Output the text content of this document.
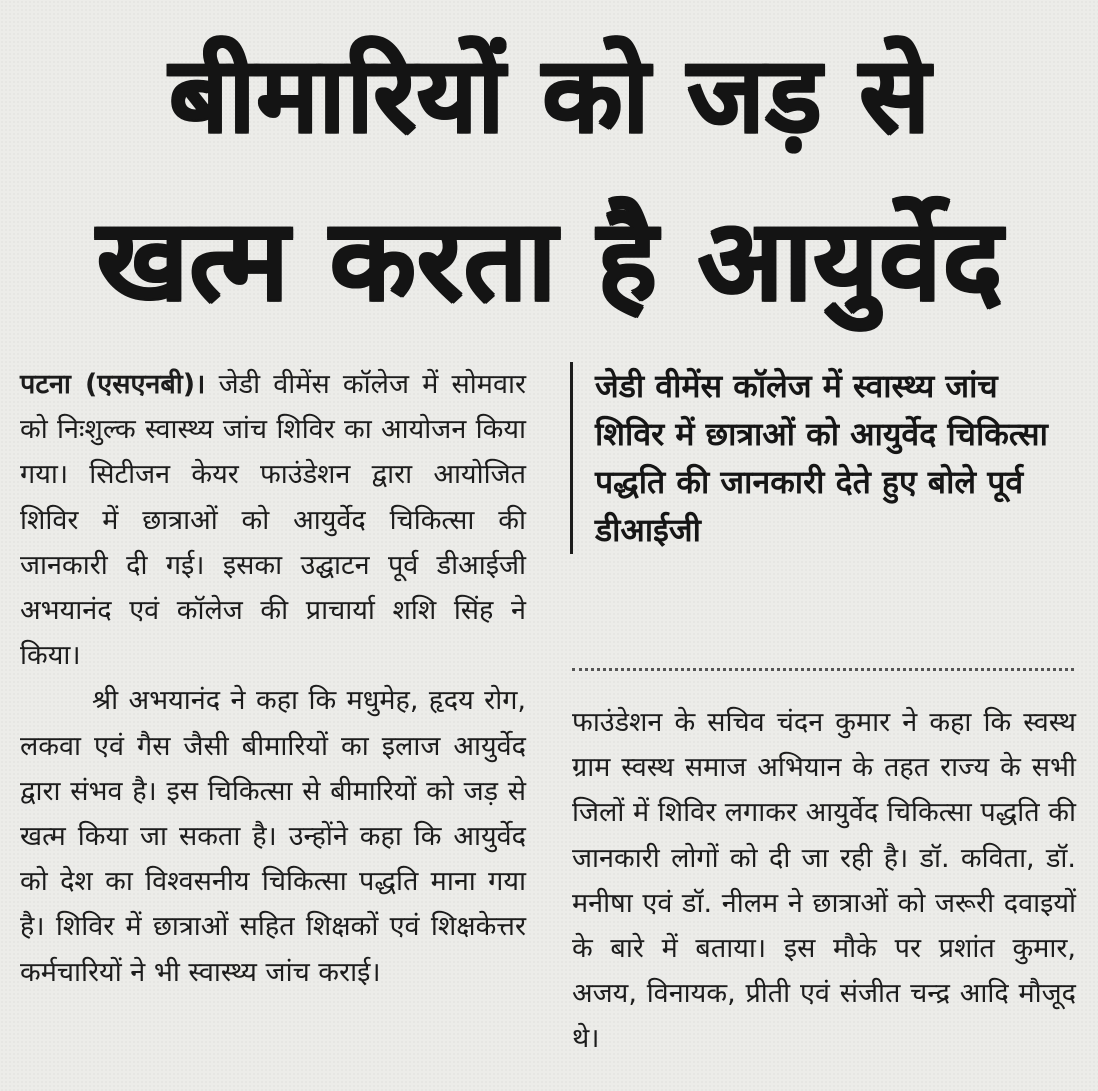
बीमारियों को जड़ से
खत्म करता है आयुर्वेद

पटना (एसएनबी)। जेडी वीमेंस कॉलेज में सोमवार को निःशुल्क स्वास्थ्य जांच शिविर का आयोजन किया गया। सिटीजन केयर फाउंडेशन द्वारा आयोजित शिविर में छात्राओं को आयुर्वेद चिकित्सा की जानकारी दी गई। इसका उद्घाटन पूर्व डीआईजी अभयानंद एवं कॉलेज की प्राचार्या शशि सिंह ने किया।

श्री अभयानंद ने कहा कि मधुमेह, हृदय रोग, लकवा एवं गैस जैसी बीमारियों का इलाज आयुर्वेद द्वारा संभव है। इस चिकित्सा से बीमारियों को जड़ से खत्म किया जा सकता है। उन्होंने कहा कि आयुर्वेद को देश का विश्वसनीय चिकित्सा पद्धति माना गया है। शिविर में छात्राओं सहित शिक्षकों एवं शिक्षकेत्तर कर्मचारियों ने भी स्वास्थ्य जांच कराई।

जेडी वीमेंस कॉलेज में स्वास्थ्य जांच शिविर में छात्राओं को आयुर्वेद चिकित्सा पद्धति की जानकारी देते हुए बोले पूर्व डीआईजी

फाउंडेशन के सचिव चंदन कुमार ने कहा कि स्वस्थ ग्राम स्वस्थ समाज अभियान के तहत राज्य के सभी जिलों में शिविर लगाकर आयुर्वेद चिकित्सा पद्धति की जानकारी लोगों को दी जा रही है। डॉ. कविता, डॉ. मनीषा एवं डॉ. नीलम ने छात्राओं को जरूरी दवाइयों के बारे में बताया। इस मौके पर प्रशांत कुमार, अजय, विनायक, प्रीती एवं संजीत चन्द्र आदि मौजूद थे।
